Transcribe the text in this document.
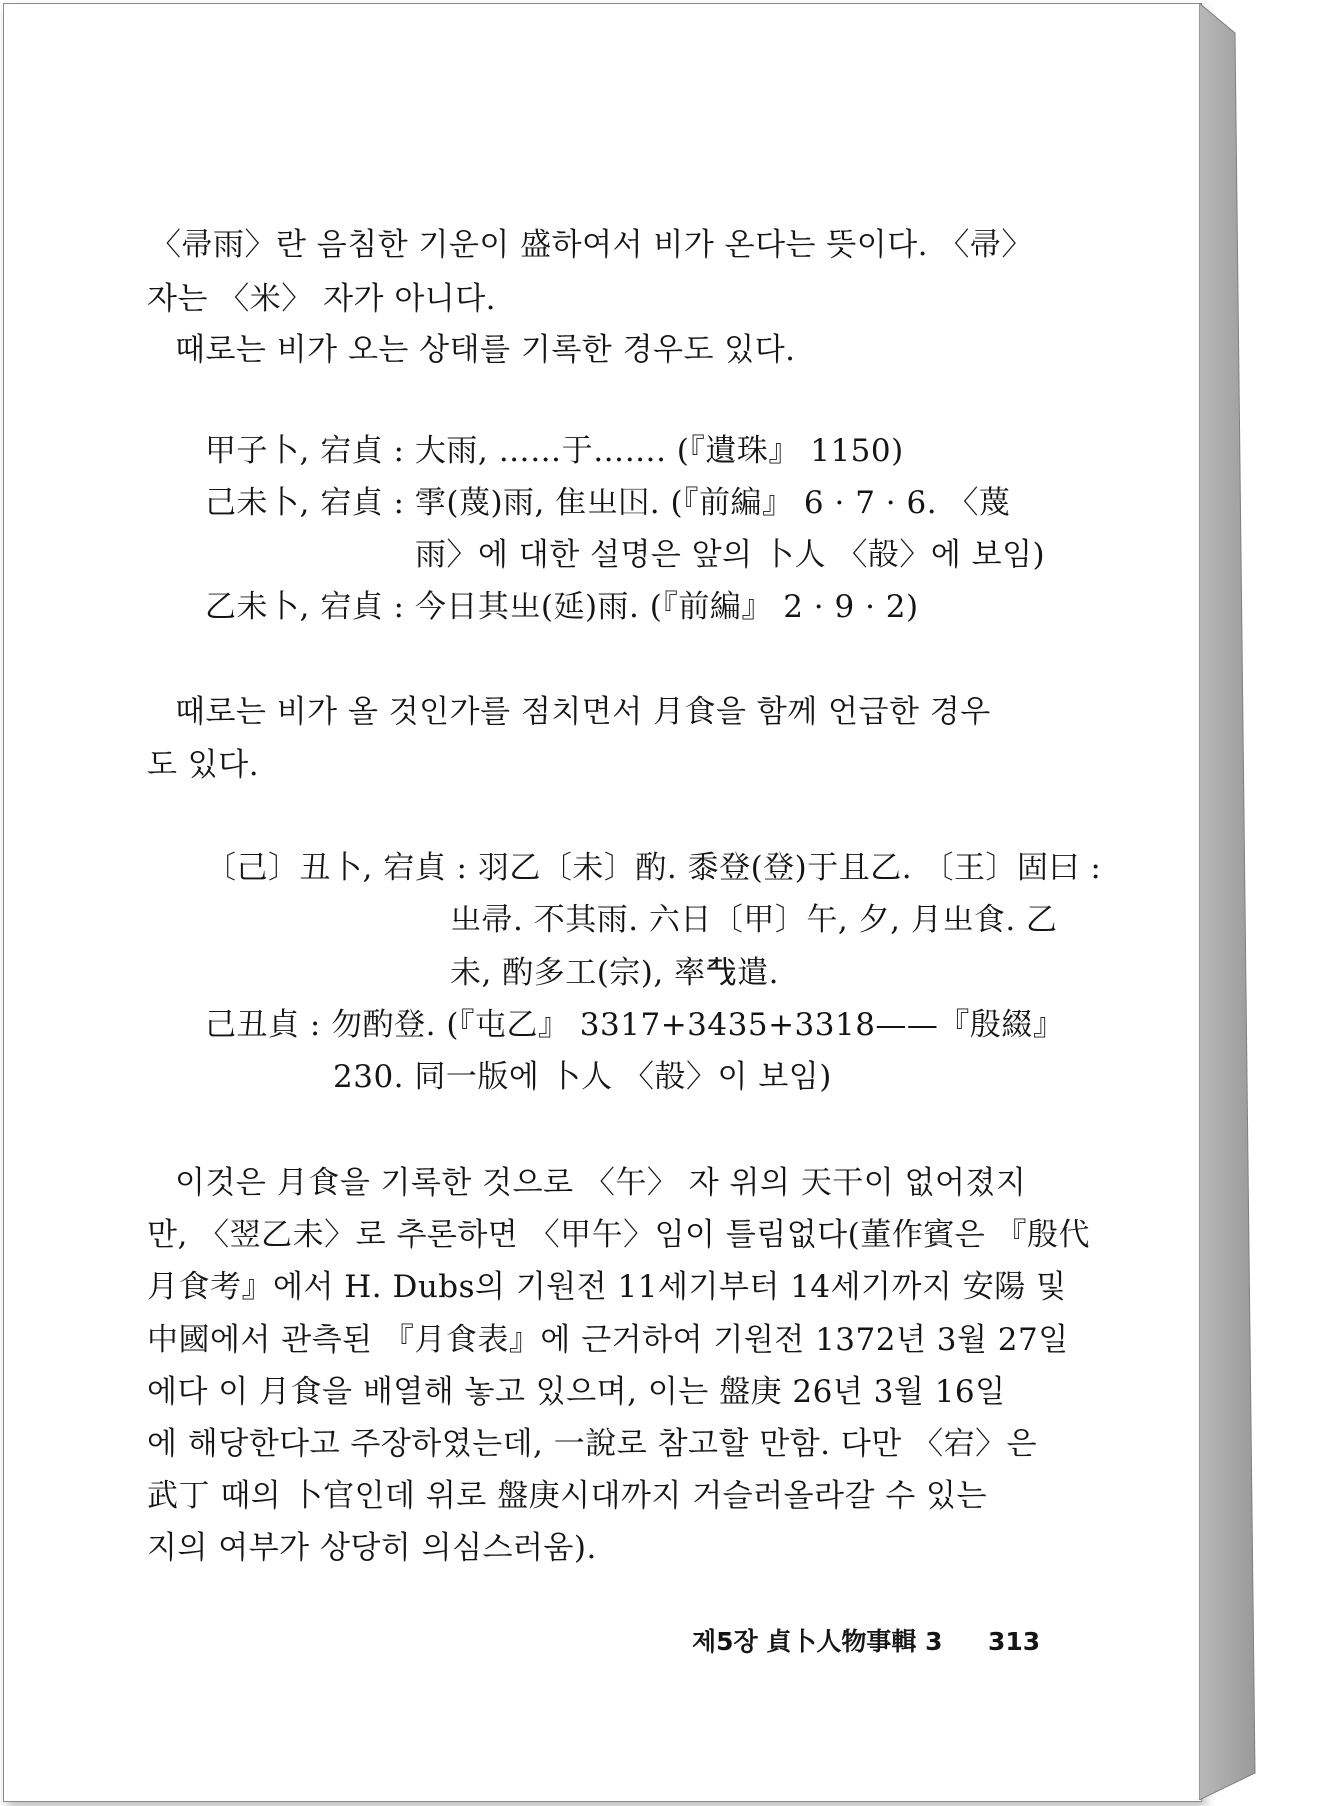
〈帚雨〉란 음침한 기운이 盛하여서 비가 온다는 뜻이다. 〈帚〉
자는 〈米〉 자가 아니다.
때로는 비가 오는 상태를 기록한 경우도 있다.
甲子卜, 宕貞 : 大雨, ……于……. (『遺珠』 1150)
己未卜, 宕貞 : 𩁹(蔑)雨, 隹㞢𡆥. (『前編』 6 · 7 · 6. 〈蔑
雨〉에 대한 설명은 앞의 卜人 〈㱿〉에 보임)
乙未卜, 宕貞 : 今日其㞢(延)雨. (『前編』 2 · 9 · 2)
때로는 비가 올 것인가를 점치면서 月食을 함께 언급한 경우
도 있다.
〔己〕丑卜, 宕貞 : 羽乙〔未〕酌. 黍登(登)于且乙. 〔王〕固曰 :
㞢帚. 不其雨. 六日〔甲〕午, 夕, 月㞢食. 乙
未, 酌多工(宗), 率𢦔遣.
己丑貞 : 勿酌登. (『屯乙』 3317+3435+3318——『殷綴』
230. 同一版에 卜人 〈㱿〉이 보임)
이것은 月食을 기록한 것으로 〈午〉 자 위의 天干이 없어졌지
만, 〈翌乙未〉로 추론하면 〈甲午〉임이 틀림없다(董作賓은 『殷代
月食考』에서 H. Dubs의 기원전 11세기부터 14세기까지 安陽 및
中國에서 관측된 『月食表』에 근거하여 기원전 1372년 3월 27일
에다 이 月食을 배열해 놓고 있으며, 이는 盤庚 26년 3월 16일
에 해당한다고 주장하였는데, 一說로 참고할 만함. 다만 〈宕〉은
武丁 때의 卜官인데 위로 盤庚시대까지 거슬러올라갈 수 있는
지의 여부가 상당히 의심스러움).
제5장 貞卜人物事輯 3 313
